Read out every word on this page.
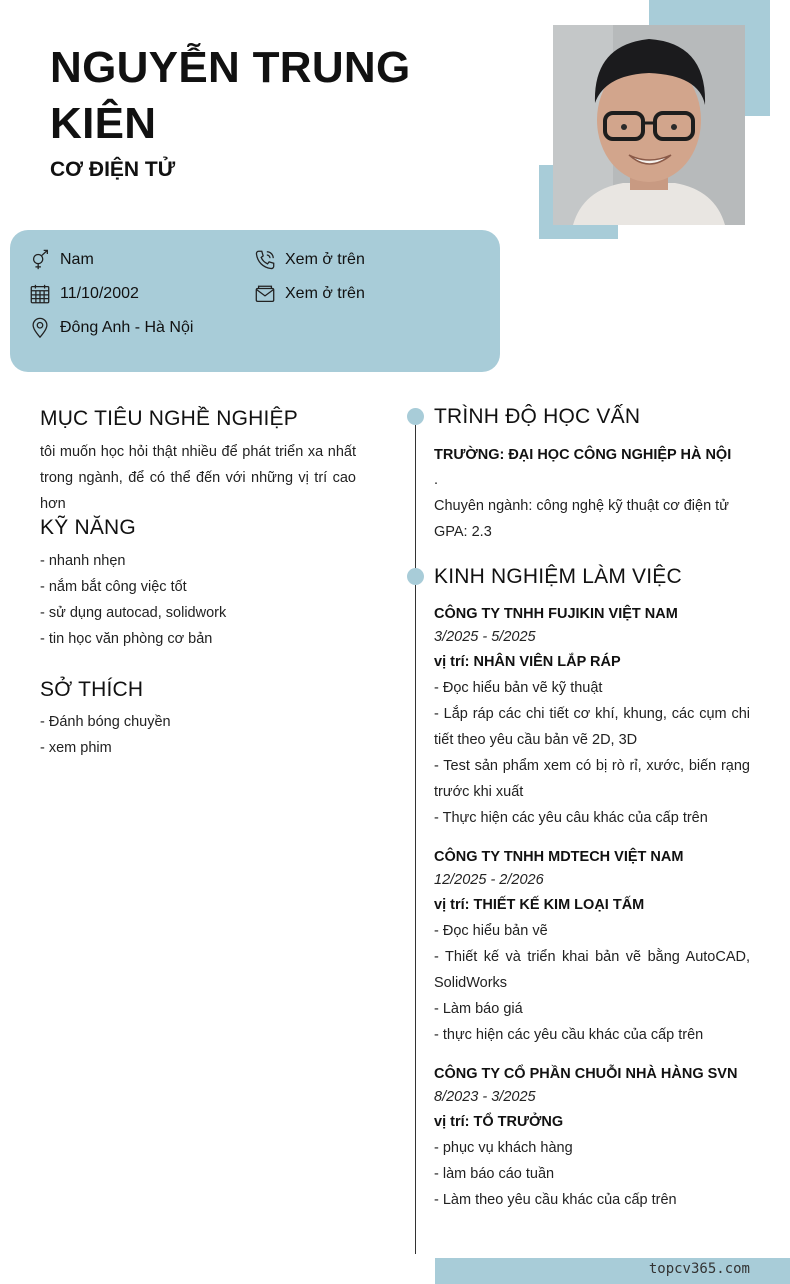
NGUYỄN TRUNG KIÊN
CƠ ĐIỆN TỬ
Nam
11/10/2002
Đông Anh - Hà Nội
Xem ở trên
Xem ở trên
MỤC TIÊU NGHỀ NGHIỆP

tôi muốn học hỏi thật nhiều để phát triển xa nhất trong ngành, để có thể đến với những vị trí cao hơn

KỸ NĂNG
- nhanh nhẹn
- nắm bắt công việc tốt
- sử dụng autocad, solidwork
- tin học văn phòng cơ bản
SỞ THÍCH
- Đánh bóng chuyền
- xem phim
TRÌNH ĐỘ HỌC VẤN
TRƯỜNG: ĐẠI HỌC CÔNG NGHIỆP HÀ NỘI
.
Chuyên ngành: công nghệ kỹ thuật cơ điện tử
GPA: 2.3
KINH NGHIỆM LÀM VIỆC
CÔNG TY TNHH FUJIKIN VIỆT NAM
3/2025 - 5/2025
vị trí: NHÂN VIÊN LẮP RÁP
- Đọc hiểu bản vẽ kỹ thuật
- Lắp ráp các chi tiết cơ khí, khung, các cụm chi tiết theo yêu cầu bản vẽ 2D, 3D
- Test sản phẩm xem có bị rò rỉ, xước, biến rạng trước khi xuất
- Thực hiện các yêu câu khác của cấp trên
CÔNG TY TNHH MDTECH VIỆT NAM
12/2025 - 2/2026
vị trí: THIẾT KẾ KIM LOẠI TẤM
- Đọc hiểu bản vẽ
- Thiết kế và triển khai bản vẽ bằng AutoCAD, SolidWorks
- Làm báo giá
- thực hiện các yêu cầu khác của cấp trên
CÔNG TY CỔ PHẦN CHUỖI NHÀ HÀNG SVN
8/2023 - 3/2025
vị trí: TỔ TRƯỞNG
- phục vụ khách hàng
- làm báo cáo tuần
- Làm theo yêu cầu khác của cấp trên
topcv365.com
